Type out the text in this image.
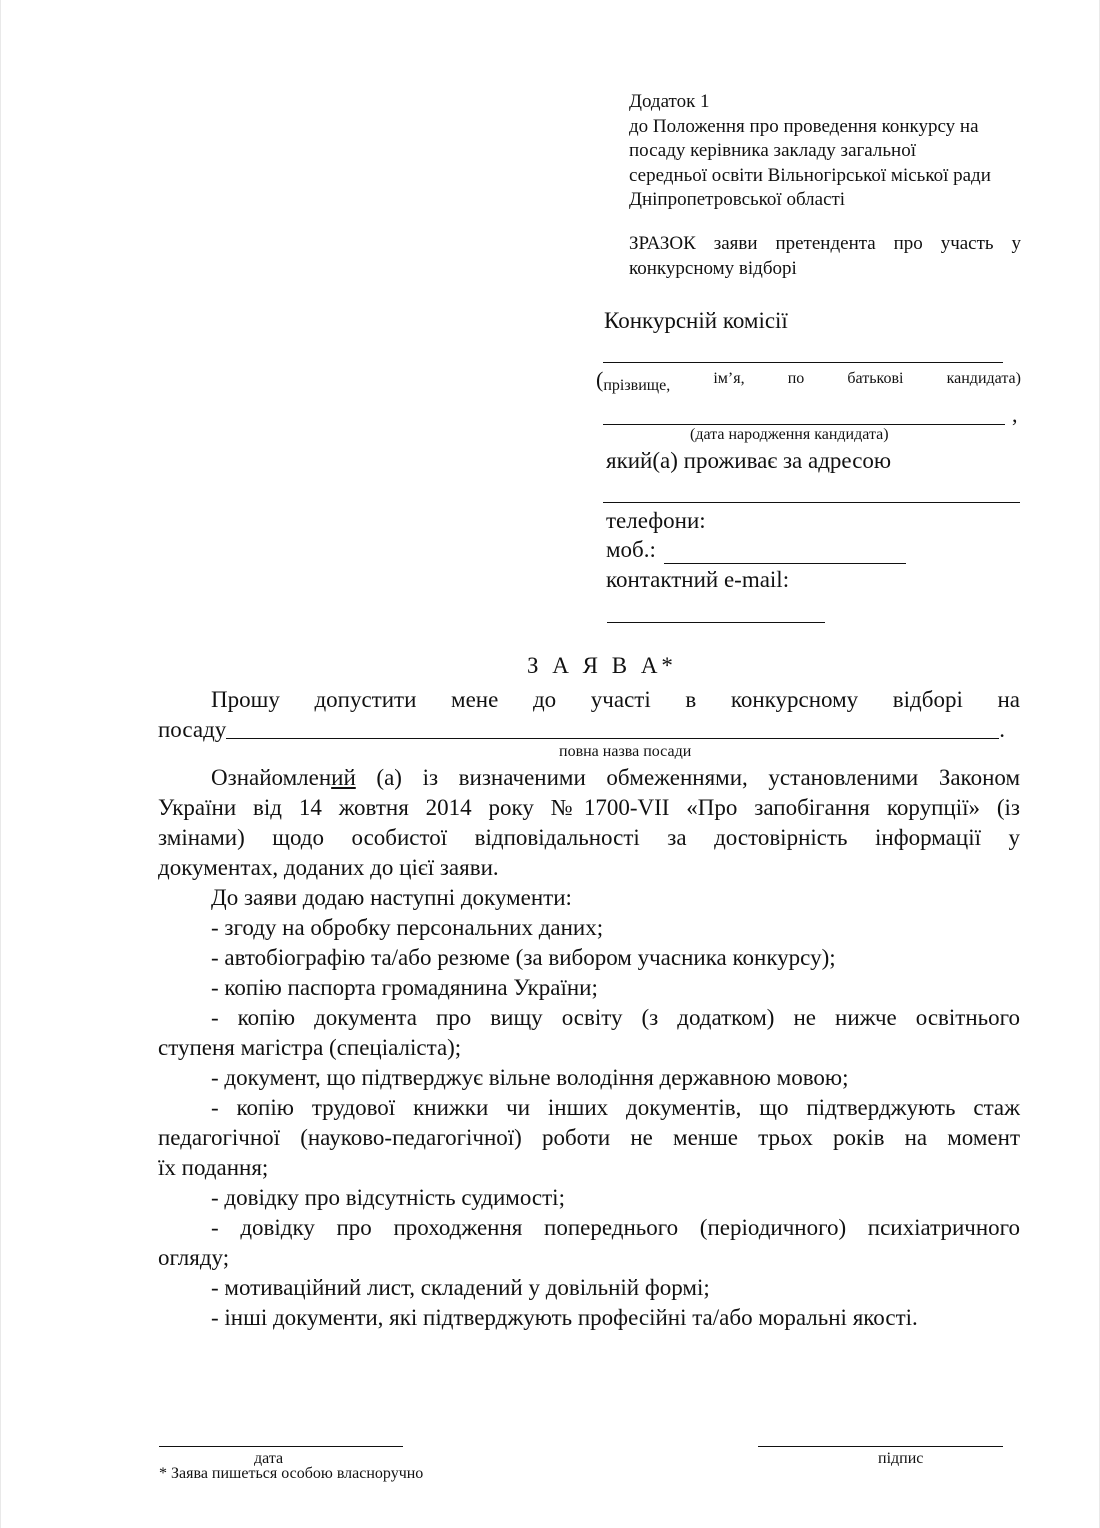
Додаток 1
до Положення про проведення конкурсу на
посаду керівника закладу загальної
середньої освіти Вільногірської міської ради
Дніпропетровської області
ЗРАЗОК заяви претендента про участь у
конкурсному відборі
Конкурсній комісії
(прізвище,	ім’я,	по	батькові	кандидата)
,
(дата народження кандидата)
який(а) проживає за адресою
телефони:
моб.:
контактний e-mail:
З А Я В А*
Прошу допустити мене до участі в конкурсному відборі на
посаду	.
повна назва посади
Ознайомлений (а) із визначеними обмеженнями, установленими Законом
України від 14 жовтня 2014 року №1700-VII «Про запобігання корупції» (із
змінами) щодо особистої відповідальності за достовірність інформації у
документах, доданих до цієї заяви.
До заяви додаю наступні документи:
- згоду на обробку персональних даних;
- автобіографію та/або резюме (за вибором учасника конкурсу);
- копію паспорта громадянина України;
- копію документа про вищу освіту (з додатком) не нижче освітнього
ступеня магістра (спеціаліста);
- документ, що підтверджує вільне володіння державною мовою;
- копію трудової книжки чи інших документів, що підтверджують стаж
педагогічної (науково-педагогічної) роботи не менше трьох років на момент
їх подання;
- довідку про відсутність судимості;
- довідку про проходження попереднього (періодичного) психіатричного
огляду;
- мотиваційний лист, складений у довільній формі;
- інші документи, які підтверджують професійні та/або моральні якості.
дата	підпис
* Заява пишеться особою власноручно
